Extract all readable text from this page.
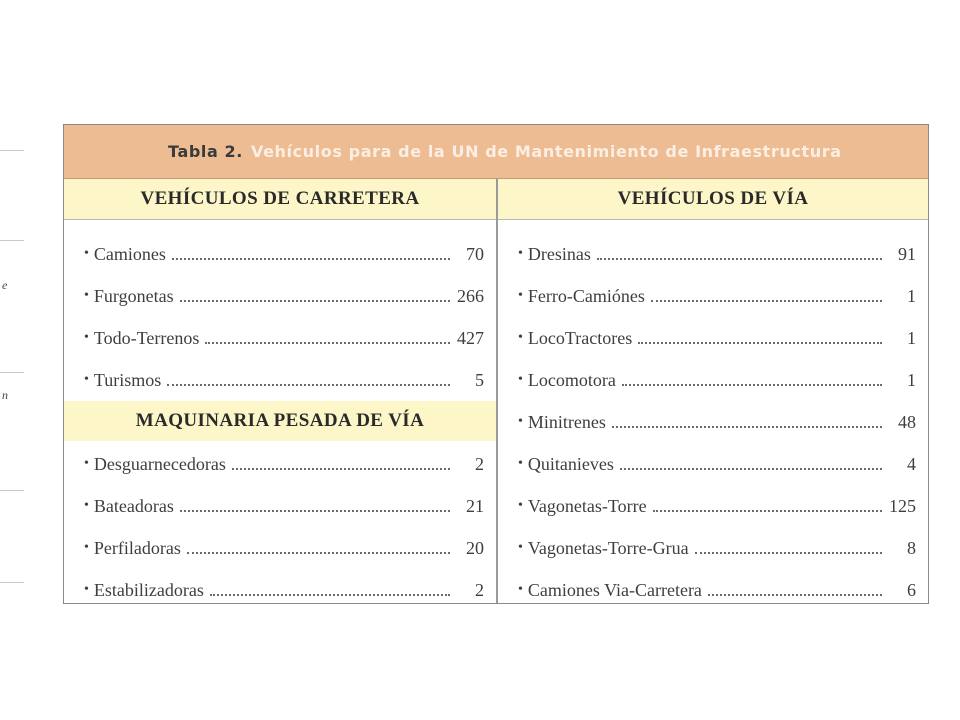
e
n
Tabla 2. Vehículos para de la UN de Mantenimiento de Infraestructura
VEHÍCULOS DE CARRETERA
• Camiones	70
• Furgonetas	266
• Todo-Terrenos	427
• Turismos	5
MAQUINARIA PESADA DE VÍA
• Desguarnecedoras	2
• Bateadoras	21
• Perfiladoras	20
• Estabilizadoras	2
VEHÍCULOS DE VÍA
• Dresinas	91
• Ferro-Camiónes	1
• LocoTractores	1
• Locomotora	1
• Minitrenes	48
• Quitanieves	4
• Vagonetas-Torre	125
• Vagonetas-Torre-Grua	8
• Camiones Via-Carretera	6
